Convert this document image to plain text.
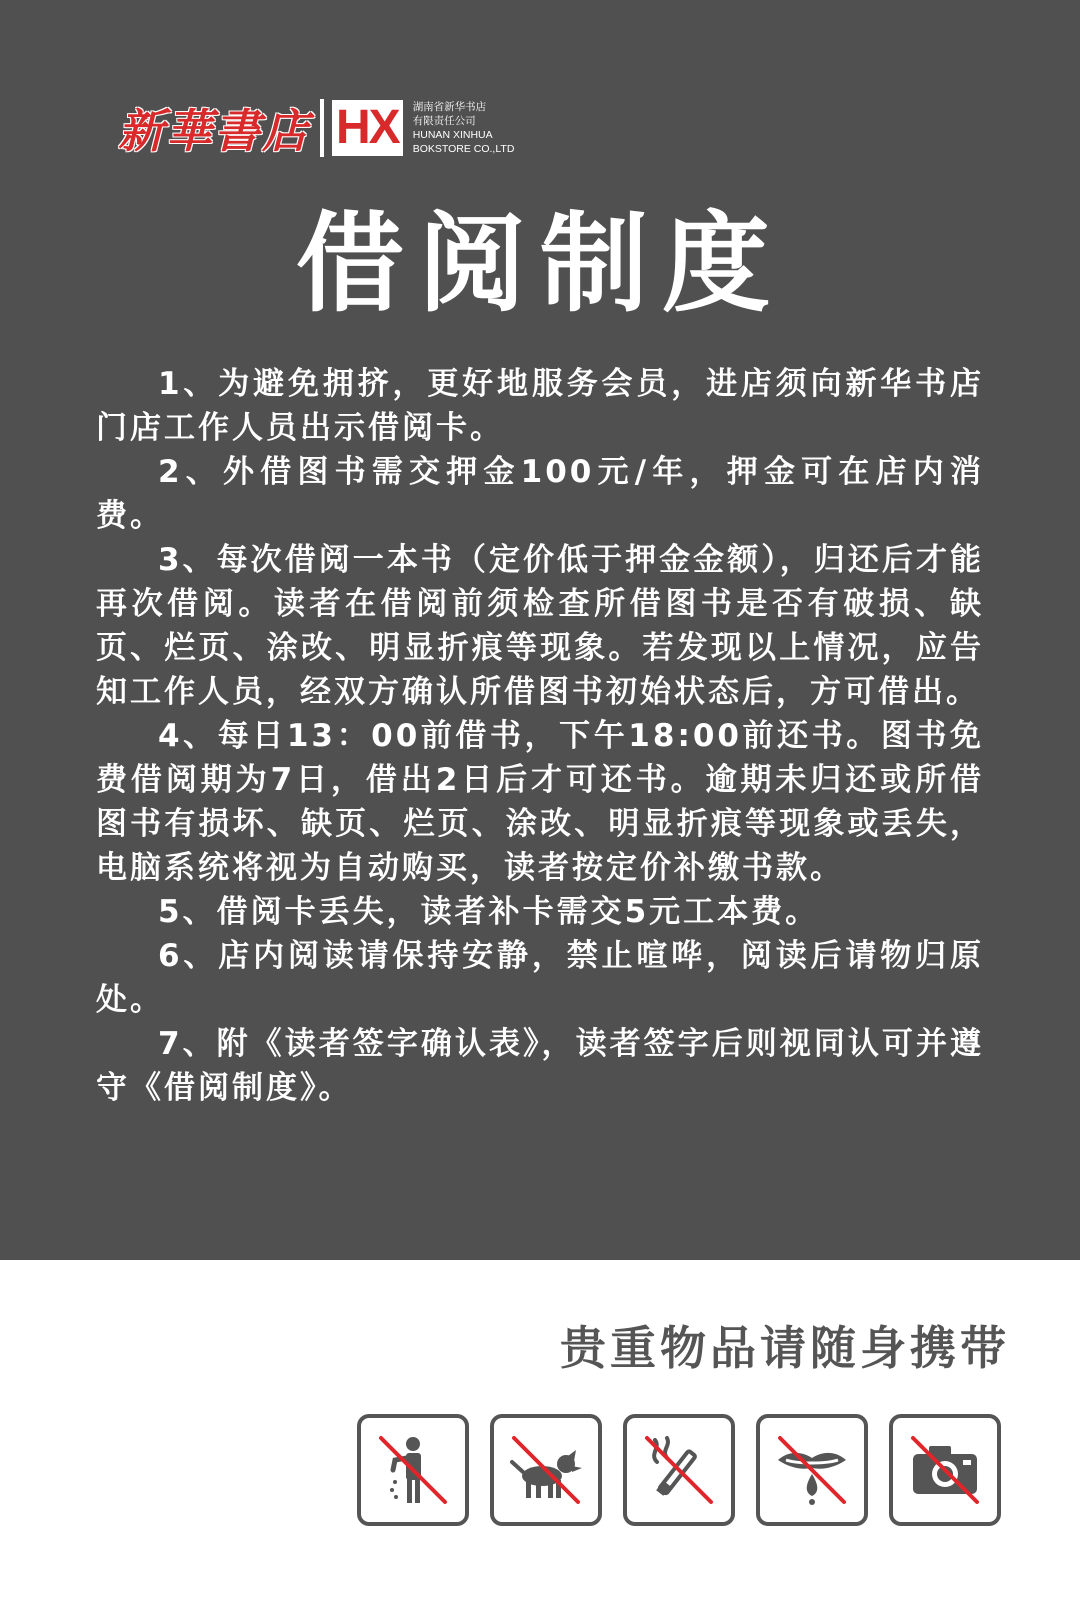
新華書店 HX	湖南省新华书店
有限责任公司
HUNAN XINHUA
BOKSTORE CO.,LTD
借阅制度

1、为避免拥挤，更好地服务会员，进店须向新华书店门店工作人员出示借阅卡。

2、外借图书需交押金100元/年，押金可在店内消费。

3、每次借阅一本书（定价低于押金金额），归还后才能再次借阅。读者在借阅前须检查所借图书是否有破损、缺页、烂页、涂改、明显折痕等现象。若发现以上情况，应告知工作人员，经双方确认所借图书初始状态后，方可借出。

4、每日13：00前借书，下午18:00前还书。图书免费借阅期为7日，借出2日后才可还书。逾期未归还或所借图书有损坏、缺页、烂页、涂改、明显折痕等现象或丢失，电脑系统将视为自动购买，读者按定价补缴书款。

5、借阅卡丢失，读者补卡需交5元工本费。

6、店内阅读请保持安静，禁止喧哗，阅读后请物归原处。

7、附《读者签字确认表》，读者签字后则视同认可并遵守《借阅制度》。

贵重物品请随身携带
